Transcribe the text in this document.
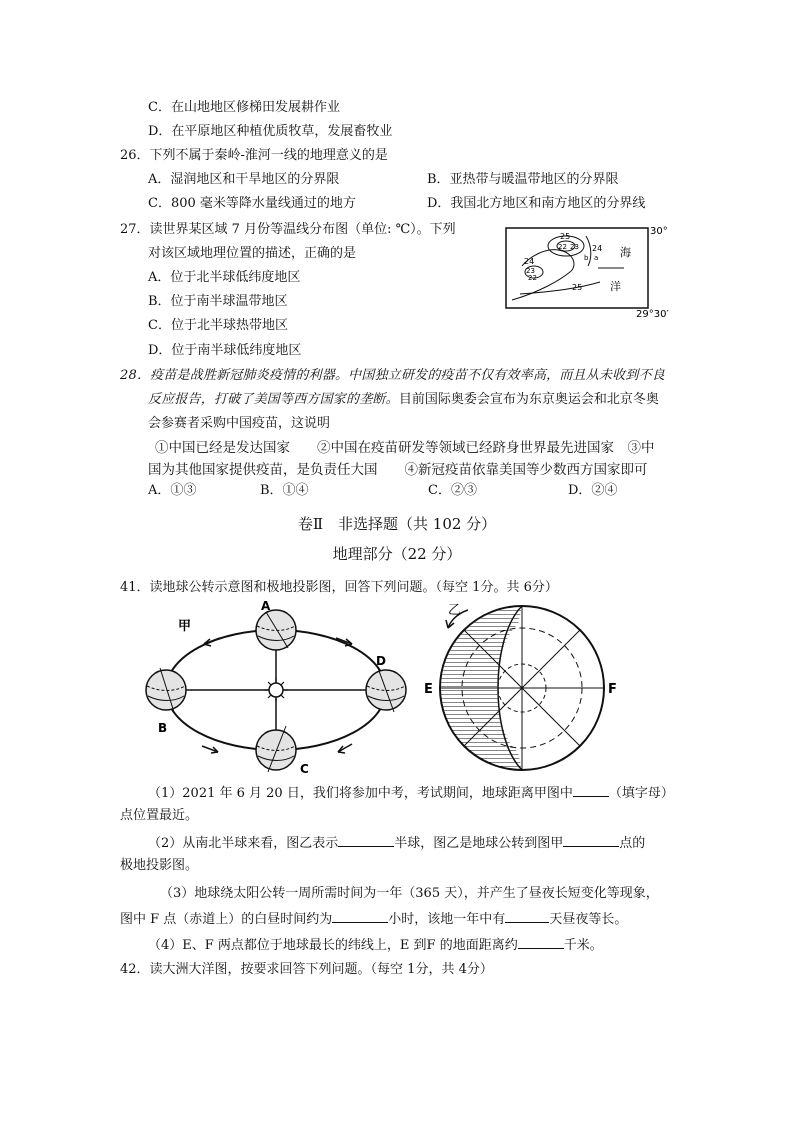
C．在山地地区修梯田发展耕作业
D．在平原地区种植优质牧草，发展畜牧业
26．下列不属于秦岭-淮河一线的地理意义的是
A．湿润地区和干旱地区的分界限	B．亚热带与暖温带地区的分界限
C．800 毫米等降水量线通过的地方	D．我国北方地区和南方地区的分界线
27．读世界某区域 7 月份等温线分布图（单位: ℃）。下列
对该区域地理位置的描述，正确的是
A．位于北半球低纬度地区
B．位于南半球温带地区
C．位于北半球热带地区
D．位于南半球低纬度地区
30°
29°30′
海
洋
25
22 23 24
b a
24
23
22
25
28．疫苗是战胜新冠肺炎疫情的利器。中国独立研发的疫苗不仅有效率高，而且从未收到不良
反应报告，打破了美国等西方国家的垄断。目前国际奥委会宣布为东京奥运会和北京冬奥
会参赛者采购中国疫苗，这说明
①中国已经是发达国家　　②中国在疫苗研发等领域已经跻身世界最先进国家　③中
国为其他国家提供疫苗，是负责任大国　　④新冠疫苗依靠美国等少数西方国家即可
A．①③	B．①④	C．②③	D．②④
卷Ⅱ　非选择题（共 102 分）
地理部分（22 分）
41．读地球公转示意图和极地投影图，回答下列问题。（每空 1分。共 6分）
甲
A
B
C
D
乙
E	F
（1）2021 年 6 月 20 日，我们将参加中考，考试期间，地球距离甲图中	（填字母）
点位置最近。
（2）从南北半球来看，图乙表示	半球，图乙是地球公转到图甲	点的
极地投影图。
（3）地球绕太阳公转一周所需时间为一年（365 天），并产生了昼夜长短变化等现象，
图中 F 点（赤道上）的白昼时间约为	小时，该地一年中有	天昼夜等长。
（4）E、F 两点都位于地球最长的纬线上，E 到F 的地面距离约	千米。
42．读大洲大洋图，按要求回答下列问题。（每空 1分，共 4分）
